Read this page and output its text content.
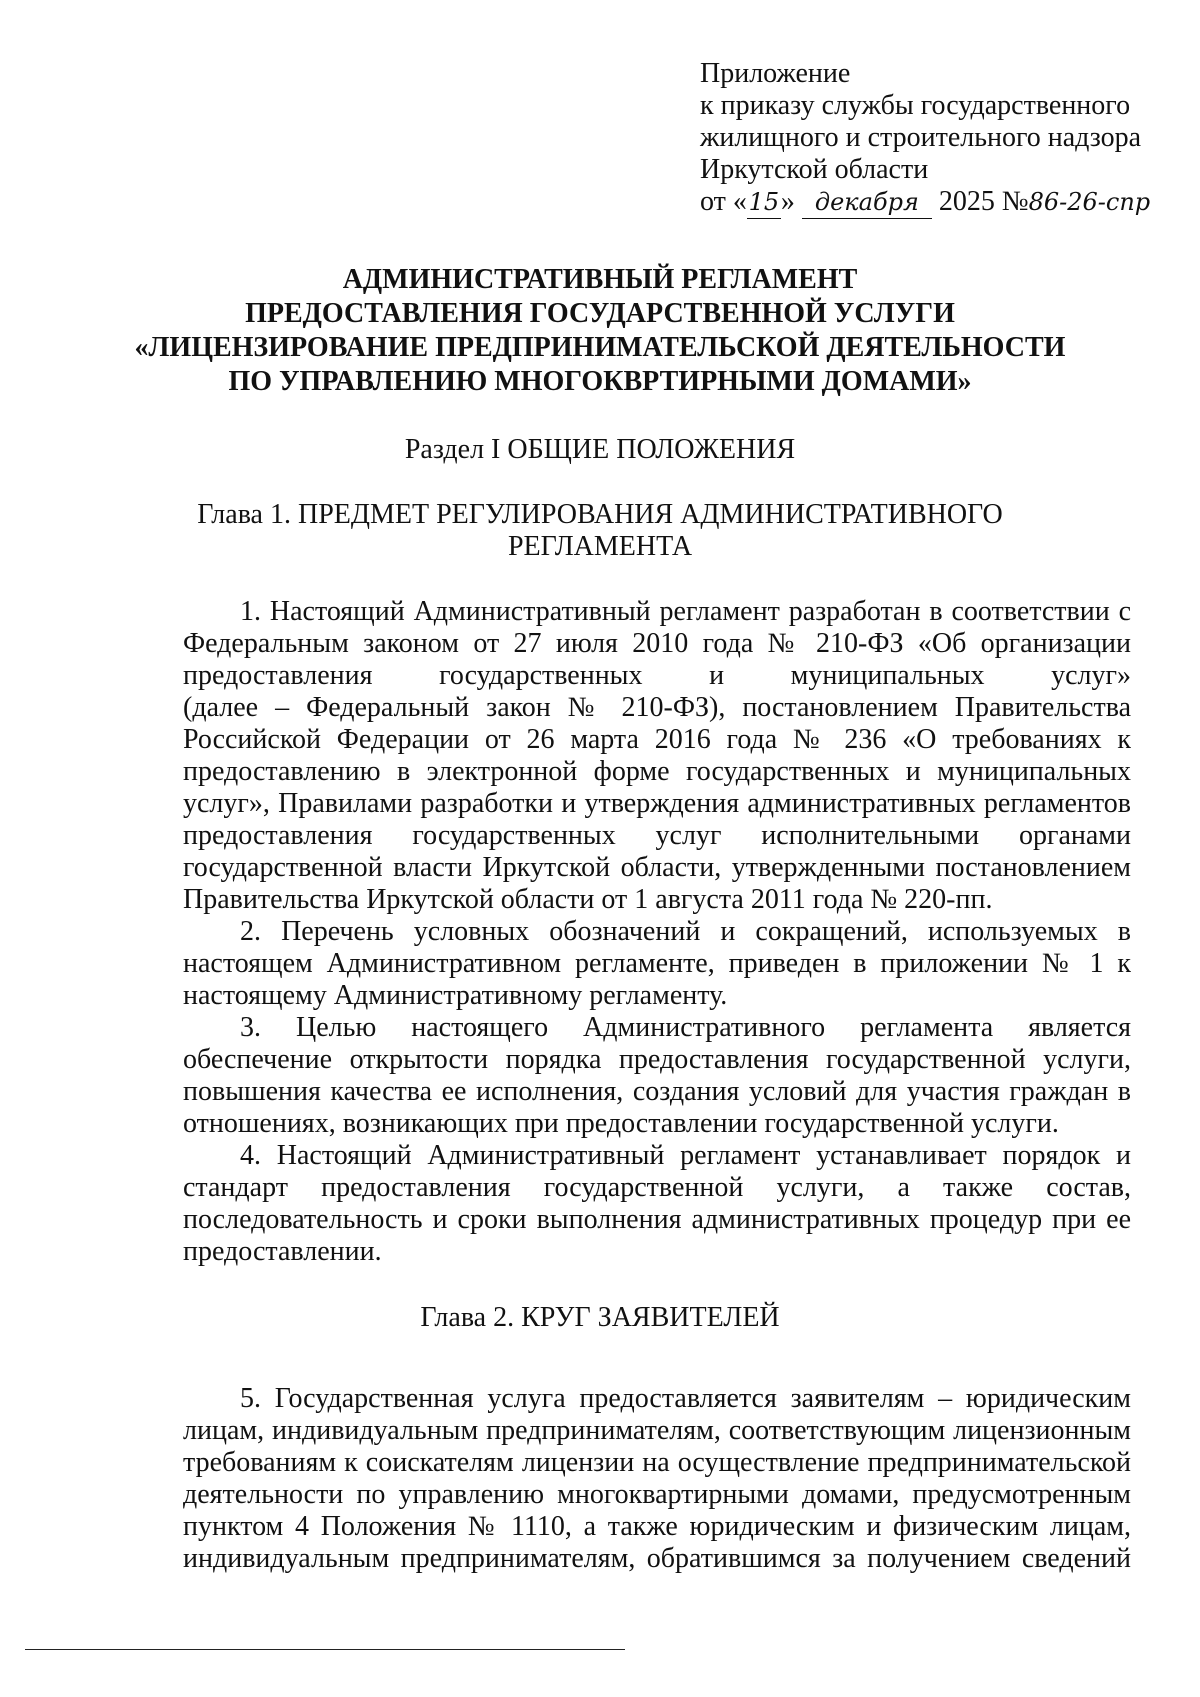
Приложение
к приказу службы государственного
жилищного и строительного надзора
Иркутской области
от «15» декабря 2025 №86-26-спр
АДМИНИСТРАТИВНЫЙ РЕГЛАМЕНТ
ПРЕДОСТАВЛЕНИЯ ГОСУДАРСТВЕННОЙ УСЛУГИ
«ЛИЦЕНЗИРОВАНИЕ ПРЕДПРИНИМАТЕЛЬСКОЙ ДЕЯТЕЛЬНОСТИ
ПО УПРАВЛЕНИЮ МНОГОКВРТИРНЫМИ ДОМАМИ»
Раздел I ОБЩИЕ ПОЛОЖЕНИЯ
Глава 1. ПРЕДМЕТ РЕГУЛИРОВАНИЯ АДМИНИСТРАТИВНОГО
РЕГЛАМЕНТА
1. Настоящий Административный регламент разработан в соответствии с
Федеральным законом от 27 июля 2010 года № 210-ФЗ «Об организации
предоставления государственных и муниципальных услуг»
(далее – Федеральный закон № 210-ФЗ), постановлением Правительства
Российской Федерации от 26 марта 2016 года № 236 «О требованиях к
предоставлению в электронной форме государственных и муниципальных
услуг», Правилами разработки и утверждения административных регламентов
предоставления государственных услуг исполнительными органами
государственной власти Иркутской области, утвержденными постановлением
Правительства Иркутской области от 1 августа 2011 года № 220-пп.
2. Перечень условных обозначений и сокращений, используемых в
настоящем Административном регламенте, приведен в приложении № 1 к
настоящему Административному регламенту.
3. Целью настоящего Административного регламента является
обеспечение открытости порядка предоставления государственной услуги,
повышения качества ее исполнения, создания условий для участия граждан в
отношениях, возникающих при предоставлении государственной услуги.
4. Настоящий Административный регламент устанавливает порядок и
стандарт предоставления государственной услуги, а также состав,
последовательность и сроки выполнения административных процедур при ее
предоставлении.
Глава 2. КРУГ ЗАЯВИТЕЛЕЙ
5. Государственная услуга предоставляется заявителям – юридическим
лицам, индивидуальным предпринимателям, соответствующим лицензионным
требованиям к соискателям лицензии на осуществление предпринимательской
деятельности по управлению многоквартирными домами, предусмотренным
пунктом 4 Положения № 1110, а также юридическим и физическим лицам,
индивидуальным предпринимателям, обратившимся за получением сведений
